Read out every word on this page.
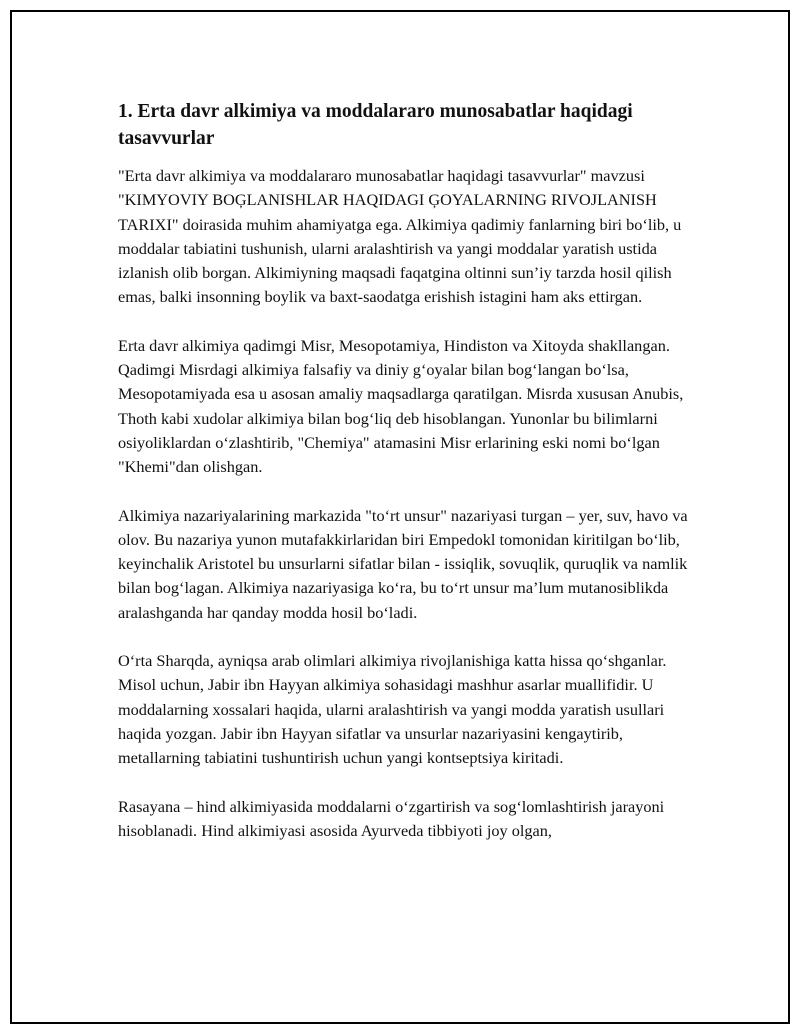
1. Erta davr alkimiya va moddalararo munosabatlar haqidagi tasavvurlar

"Erta davr alkimiya va moddalararo munosabatlar haqidagi tasavvurlar" mavzusi "KIMYOVIY BOĢLANISHLAR HAQIDAGI ĢOYALARNING RIVOJLANISH TARIXI" doirasida muhim ahamiyatga ega. Alkimiya qadimiy fanlarning biri boʻlib, u moddalar tabiatini tushunish, ularni aralashtirish va yangi moddalar yaratish ustida izlanish olib borgan. Alkimiyning maqsadi faqatgina oltinni sun’iy tarzda hosil qilish emas, balki insonning boylik va baxt-saodatga erishish istagini ham aks ettirgan.

Erta davr alkimiya qadimgi Misr, Mesopotamiya, Hindiston va Xitoyda shakllangan. Qadimgi Misrdagi alkimiya falsafiy va diniy gʻoyalar bilan bogʻlangan boʻlsa, Mesopotamiyada esa u asosan amaliy maqsadlarga qaratilgan. Misrda xususan Anubis, Thoth kabi xudolar alkimiya bilan bogʻliq deb hisoblangan. Yunonlar bu bilimlarni osiyoliklardan oʻzlashtirib, "Chemiya" atamasini Misr erlarining eski nomi boʻlgan "Khemi"dan olishgan.

Alkimiya nazariyalarining markazida "toʻrt unsur" nazariyasi turgan – yer, suv, havo va olov. Bu nazariya yunon mutafakkirlaridan biri Empedokl tomonidan kiritilgan boʻlib, keyinchalik Aristotel bu unsurlarni sifatlar bilan - issiqlik, sovuqlik, quruqlik va namlik bilan bogʻlagan. Alkimiya nazariyasiga koʻra, bu toʻrt unsur ma’lum mutanosiblikda aralashganda har qanday modda hosil boʻladi.

Oʻrta Sharqda, ayniqsa arab olimlari alkimiya rivojlanishiga katta hissa qoʻshganlar. Misol uchun, Jabir ibn Hayyan alkimiya sohasidagi mashhur asarlar muallifidir. U moddalarning xossalari haqida, ularni aralashtirish va yangi modda yaratish usullari haqida yozgan. Jabir ibn Hayyan sifatlar va unsurlar nazariyasini kengaytirib, metallarning tabiatini tushuntirish uchun yangi kontseptsiya kiritadi.

Rasayana – hind alkimiyasida moddalarni oʻzgartirish va sogʻlomlashtirish jarayoni hisoblanadi. Hind alkimiyasi asosida Ayurveda tibbiyoti joy olgan,
